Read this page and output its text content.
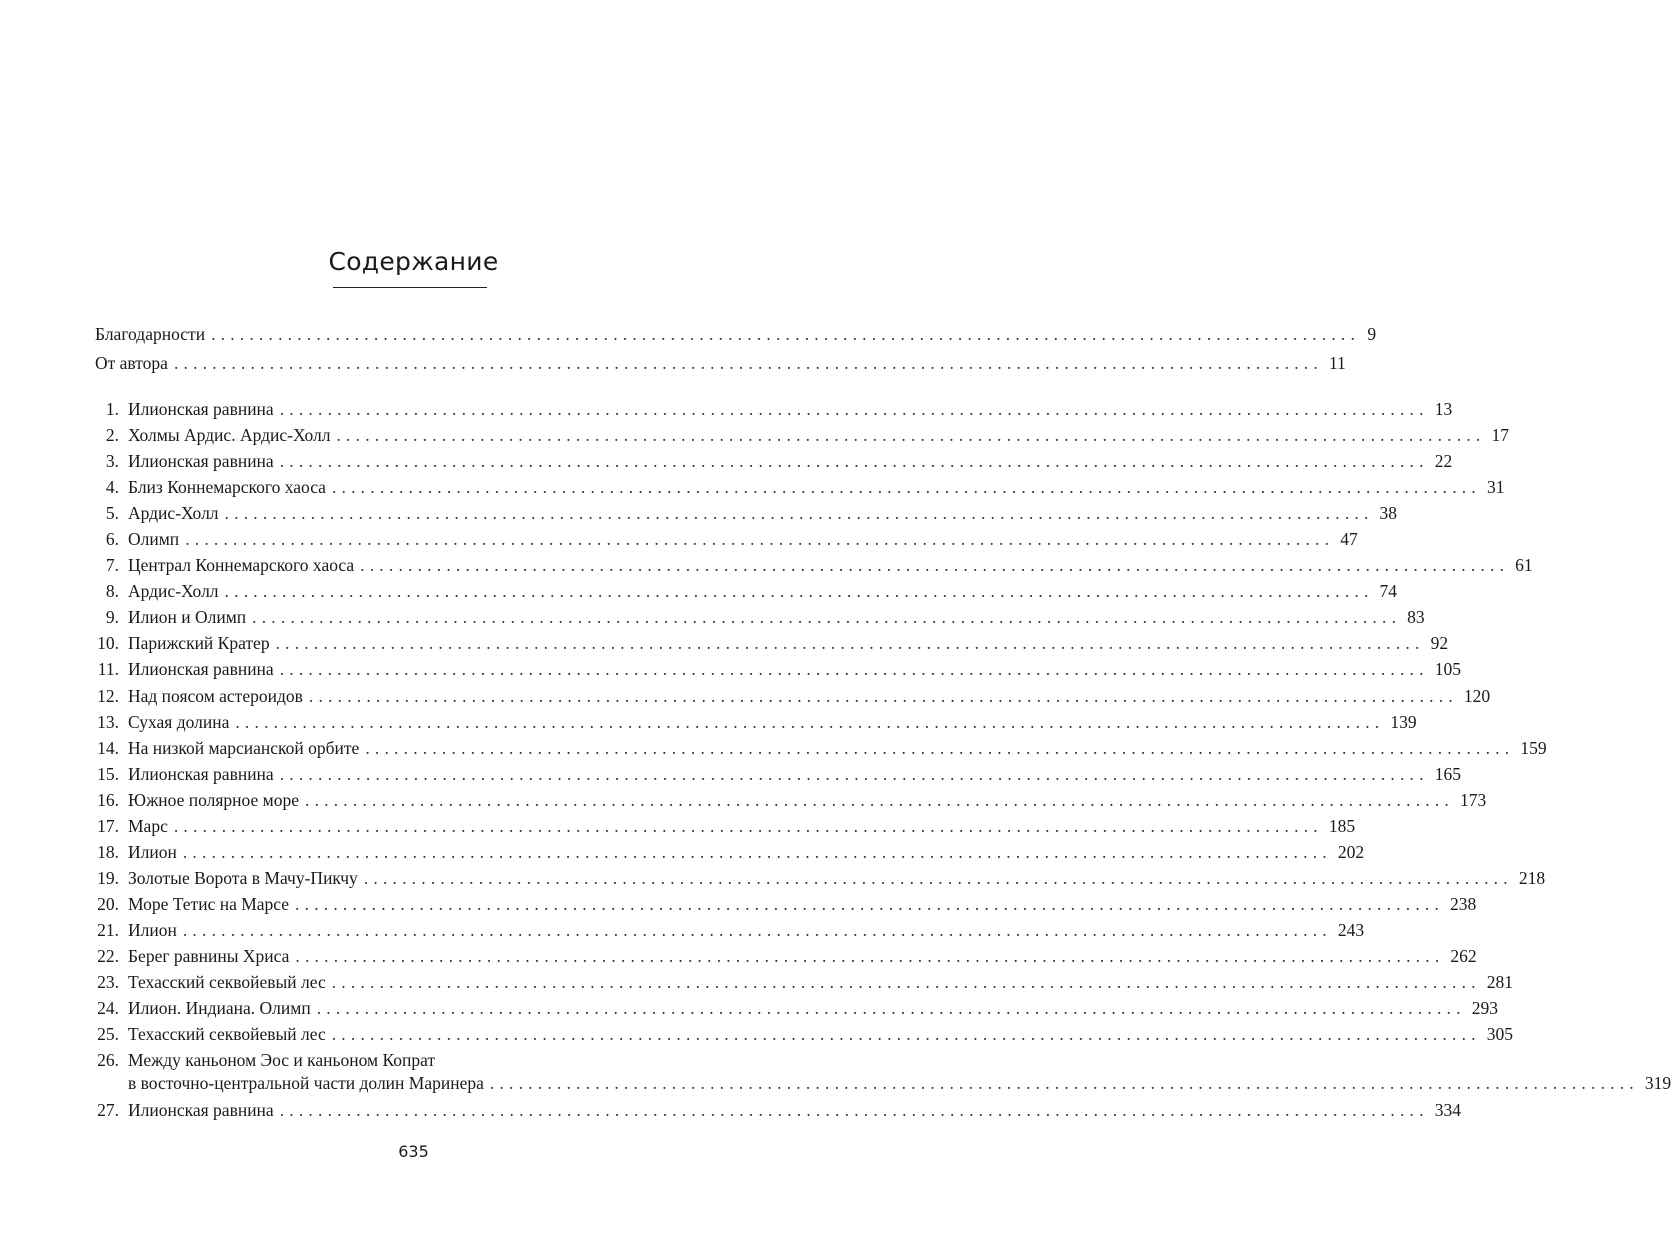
Содержание
Благодарности ........................................................................................................................ 9
От автора ........................................................................................................................ 11
1. Илионская равнина ........................................................................................................................ 13
2. Холмы Ардис. Ардис-Холл ........................................................................................................................ 17
3. Илионская равнина ........................................................................................................................ 22
4. Близ Коннемарского хаоса ........................................................................................................................ 31
5. Ардис-Холл ........................................................................................................................ 38
6. Олимп ........................................................................................................................ 47
7. Централ Коннемарского хаоса ........................................................................................................................ 61
8. Ардис-Холл ........................................................................................................................ 74
9. Илион и Олимп ........................................................................................................................ 83
10. Парижский Кратер ........................................................................................................................ 92
11. Илионская равнина ........................................................................................................................ 105
12. Над поясом астероидов ........................................................................................................................ 120
13. Сухая долина ........................................................................................................................ 139
14. На низкой марсианской орбите ........................................................................................................................ 159
15. Илионская равнина ........................................................................................................................ 165
16. Южное полярное море ........................................................................................................................ 173
17. Марс ........................................................................................................................ 185
18. Илион ........................................................................................................................ 202
19. Золотые Ворота в Мачу-Пикчу ........................................................................................................................ 218
20. Море Тетис на Марсе ........................................................................................................................ 238
21. Илион ........................................................................................................................ 243
22. Берег равнины Хриса ........................................................................................................................ 262
23. Техасский секвойевый лес ........................................................................................................................ 281
24. Илион. Индиана. Олимп ........................................................................................................................ 293
25. Техасский секвойевый лес ........................................................................................................................ 305
26. Между каньоном Эос и каньоном Копрат
в восточно-центральной части долин Маринера ........................................................................................................................ 319
27. Илионская равнина ........................................................................................................................ 334
635
